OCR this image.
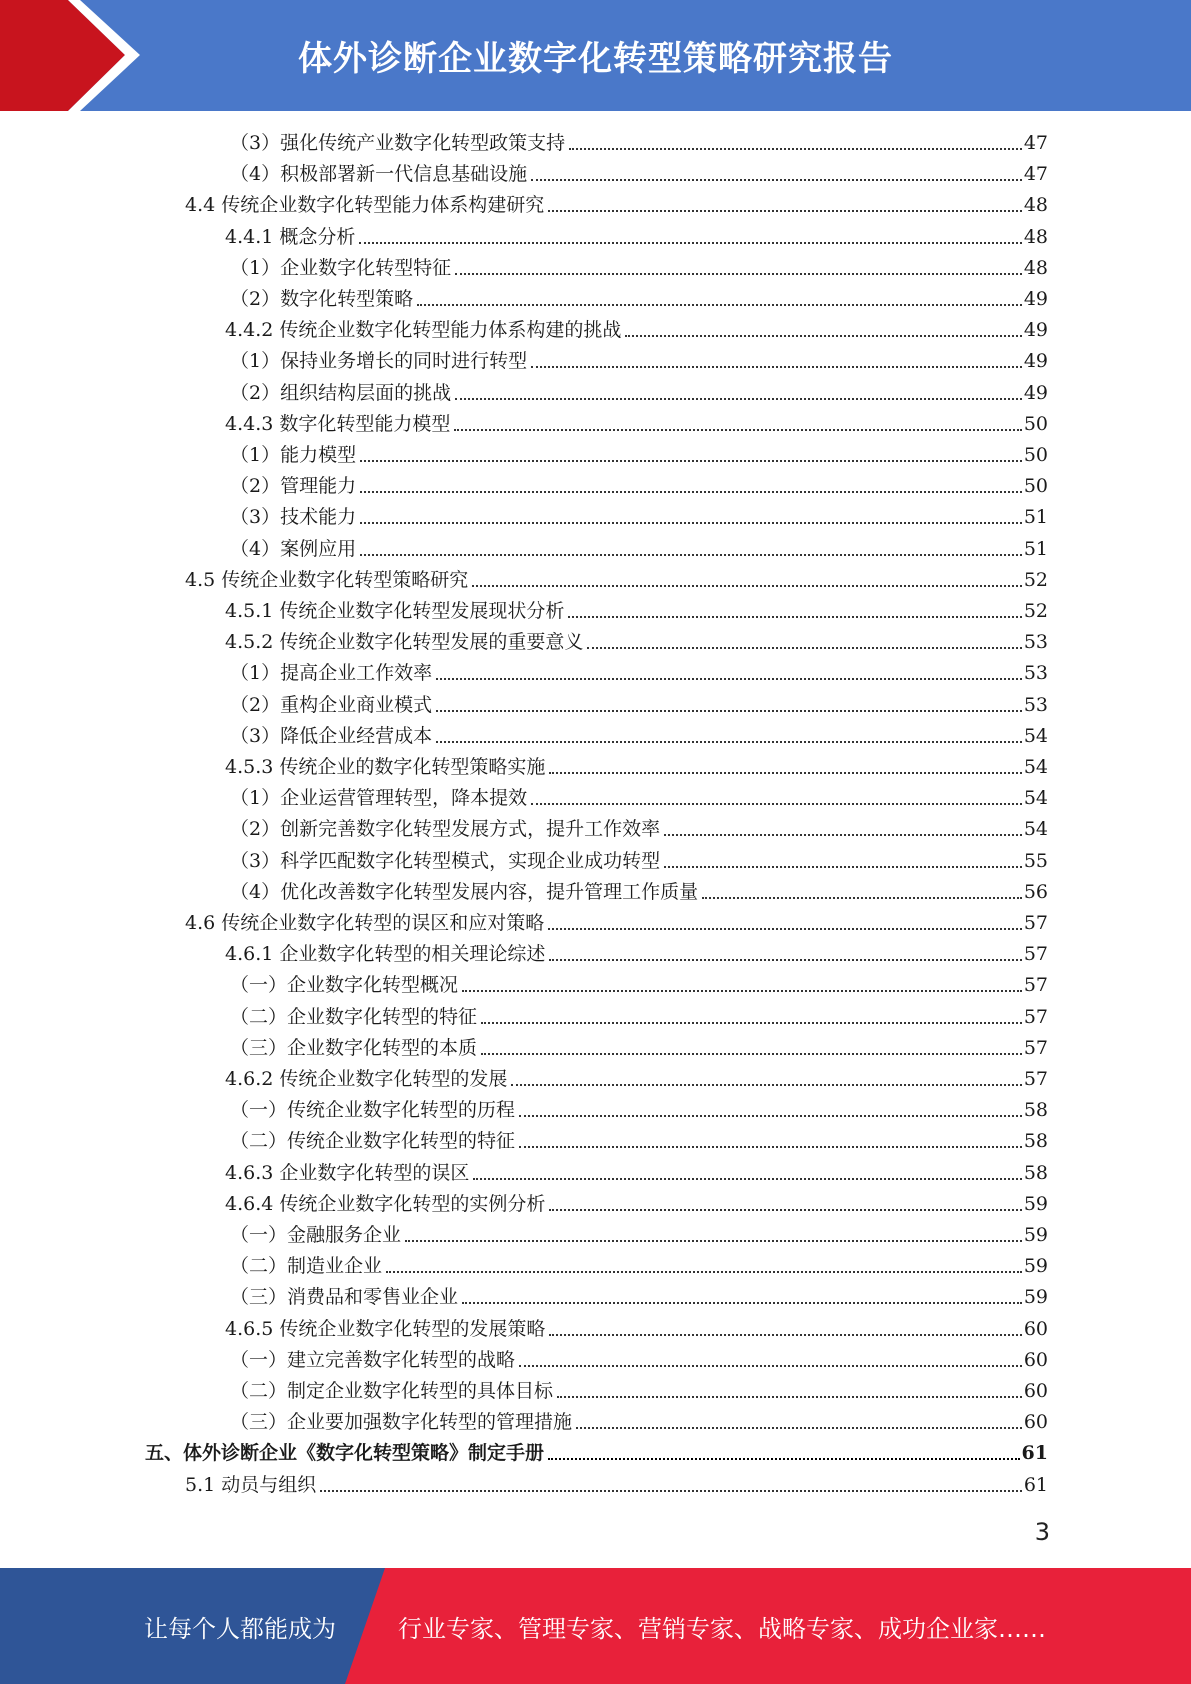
体外诊断企业数字化转型策略研究报告
（3）强化传统产业数字化转型政策支持	47
（4）积极部署新一代信息基础设施	47
4.4 传统企业数字化转型能力体系构建研究	48
4.4.1 概念分析	48
（1）企业数字化转型特征	48
（2）数字化转型策略	49
4.4.2 传统企业数字化转型能力体系构建的挑战	49
（1）保持业务增长的同时进行转型	49
（2）组织结构层面的挑战	49
4.4.3 数字化转型能力模型	50
（1）能力模型	50
（2）管理能力	50
（3）技术能力	51
（4）案例应用	51
4.5 传统企业数字化转型策略研究	52
4.5.1 传统企业数字化转型发展现状分析	52
4.5.2 传统企业数字化转型发展的重要意义	53
（1）提高企业工作效率	53
（2）重构企业商业模式	53
（3）降低企业经营成本	54
4.5.3 传统企业的数字化转型策略实施	54
（1）企业运营管理转型，降本提效	54
（2）创新完善数字化转型发展方式，提升工作效率	54
（3）科学匹配数字化转型模式，实现企业成功转型	55
（4）优化改善数字化转型发展内容，提升管理工作质量	56
4.6 传统企业数字化转型的误区和应对策略	57
4.6.1 企业数字化转型的相关理论综述	57
（一）企业数字化转型概况	57
（二）企业数字化转型的特征	57
（三）企业数字化转型的本质	57
4.6.2 传统企业数字化转型的发展	57
（一）传统企业数字化转型的历程	58
（二）传统企业数字化转型的特征	58
4.6.3 企业数字化转型的误区	58
4.6.4 传统企业数字化转型的实例分析	59
（一）金融服务企业	59
（二）制造业企业	59
（三）消费品和零售业企业	59
4.6.5 传统企业数字化转型的发展策略	60
（一）建立完善数字化转型的战略	60
（二）制定企业数字化转型的具体目标	60
（三）企业要加强数字化转型的管理措施	60
五、体外诊断企业《数字化转型策略》制定手册	61
5.1 动员与组织	61
3
让每个人都能成为	行业专家、管理专家、营销专家、战略专家、成功企业家……
